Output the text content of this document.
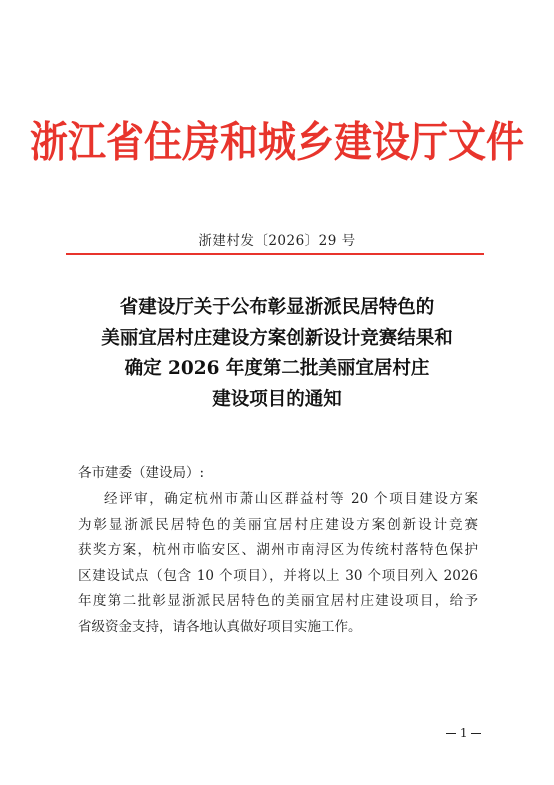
浙江省住房和城乡建设厅文件
浙建村发〔2026〕29 号
省建设厅关于公布彰显浙派民居特色的
美丽宜居村庄建设方案创新设计竞赛结果和
确定 2026 年度第二批美丽宜居村庄
建设项目的通知
各市建委（建设局）:
经评审，确定杭州市萧山区群益村等 20 个项目建设方案
为彰显浙派民居特色的美丽宜居村庄建设方案创新设计竞赛
获奖方案，杭州市临安区、湖州市南浔区为传统村落特色保护
区建设试点（包含 10 个项目），并将以上 30 个项目列入 2026
年度第二批彰显浙派民居特色的美丽宜居村庄建设项目，给予
省级资金支持，请各地认真做好项目实施工作。
1
